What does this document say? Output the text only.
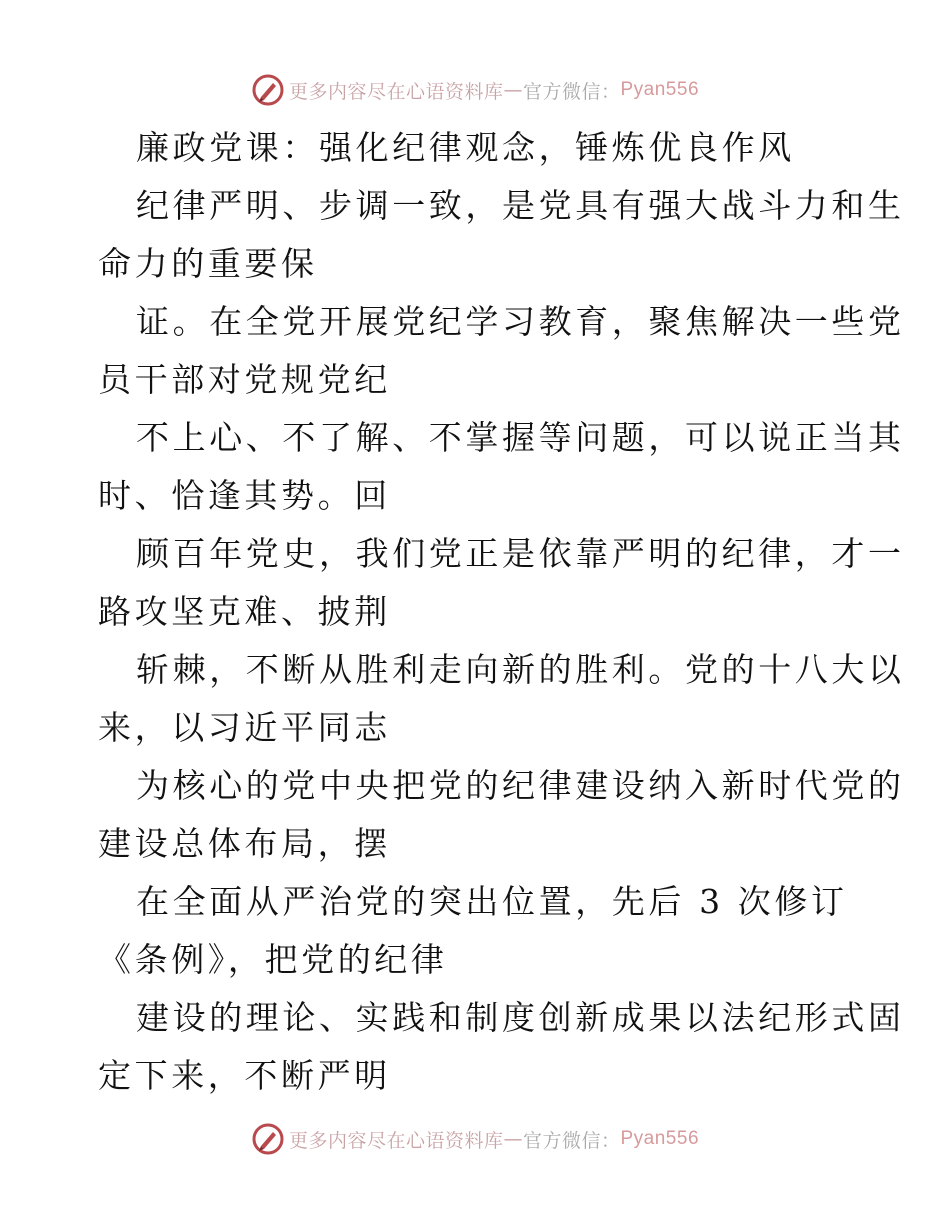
更多内容尽在心语资料库 — 官方微信： Pyan556
廉政党课：强化纪律观念，锤炼优良作风
纪律严明、步调一致，是党具有强大战斗力和生
命力的重要保
证。在全党开展党纪学习教育，聚焦解决一些党
员干部对党规党纪
不上心、不了解、不掌握等问题，可以说正当其
时、恰逢其势。回
顾百年党史，我们党正是依靠严明的纪律，才一
路攻坚克难、披荆
斩棘，不断从胜利走向新的胜利。党的十八大以
来，以习近平同志
为核心的党中央把党的纪律建设纳入新时代党的
建设总体布局，摆
在全面从严治党的突出位置，先后 3 次修订
《条例》，把党的纪律
建设的理论、实践和制度创新成果以法纪形式固
定下来，不断严明
更多内容尽在心语资料库 — 官方微信： Pyan556
